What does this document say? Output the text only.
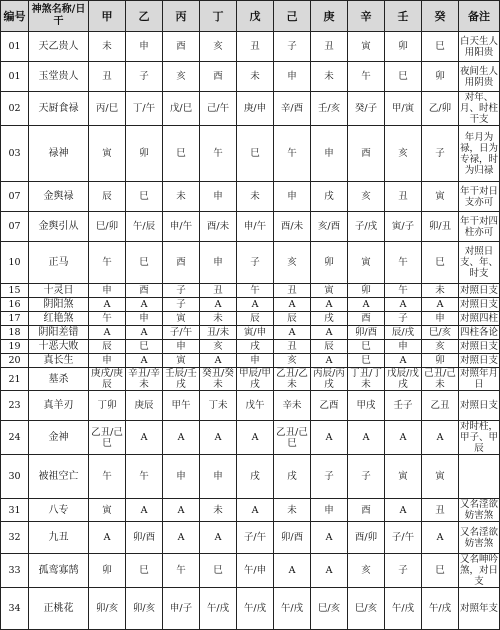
编号	神煞名称/日干	甲	乙	丙	丁	戊	己	庚	辛	壬	癸	备注
01	天乙贵人	未	申	酉	亥	丑	子	丑	寅	卯	巳	白天生人用阳贵
01	玉堂贵人	丑	子	亥	酉	未	申	未	午	巳	卯	夜间生人用阴贵
02	天厨食禄	丙/巳	丁/午	戊/巳	己/午	庚/申	辛/酉	壬/亥	癸/子	甲/寅	乙/卯	对年、月、时柱干支
03	禄神	寅	卯	巳	午	巳	午	申	酉	亥	子	年月为禄，日为专禄，时为归禄
07	金舆禄	辰	巳	未	申	未	申	戌	亥	丑	寅	年干对日支亦可
07	金舆引从	巳/卯	午/辰	申/午	酉/未	申/午	酉/未	亥/酉	子/戌	寅/子	卯/丑	年干对四柱亦可
10	正马	午	巳	酉	申	子	亥	卯	寅	午	巳	对照日支、年、时支
15	十灵日	申	酉	子	丑	午	丑	寅	卯	午	未	对照日支
16	阴阳煞	A	A	子	A	A	A	A	A	A	A	对照日支
17	红艳煞	午	申	寅	未	辰	辰	戌	酉	子	申	对照四柱
18	阴阳差错	A	A	子/午	丑/未	寅/申	A	A	卯/酉	辰/戌	巳/亥	四柱各论
19	十恶大败	辰	巳	申	亥	戌	丑	辰	巳	申	亥	对照日支
20	真长生	申	A	寅	A	申	亥	A	巳	A	卯	对照日支
21	墓杀	庚戌/庚辰	辛丑/辛未	壬辰/壬戌	癸丑/癸未	甲辰/甲戌	乙丑/乙未	丙辰/丙戌	丁丑/丁未	戊辰/戊戌	己丑/己未	对照年月日
23	真羊刃	丁卯	庚辰	甲午	丁未	戊午	辛未	乙酉	甲戌	壬子	乙丑	对照日支
24	金神	乙丑/己巳	A	A	A	A	乙丑/己巳	A	A	A	A	对时柱，甲子、甲辰
30	被祖空亡	午	午	申	申	戌	戌	子	子	寅	寅	
31	八专	寅	A	A	未	A	未	申	酉	A	丑	又名淫欲妨害煞
32	九丑	A	卯/酉	A	A	子/午	卯/酉	A	酉/卯	子/午	A	又名淫欲妨害煞
33	孤鸾寡鹄	卯	巳	午	巳	午/申	A	A	亥	子	巳	又名呻吟煞，对日支
34	正桃花	卯/亥	卯/亥	申/子	午/戌	午/戌	午/戌	巳/亥	巳/亥	午/戌	午/戌	对照年支
